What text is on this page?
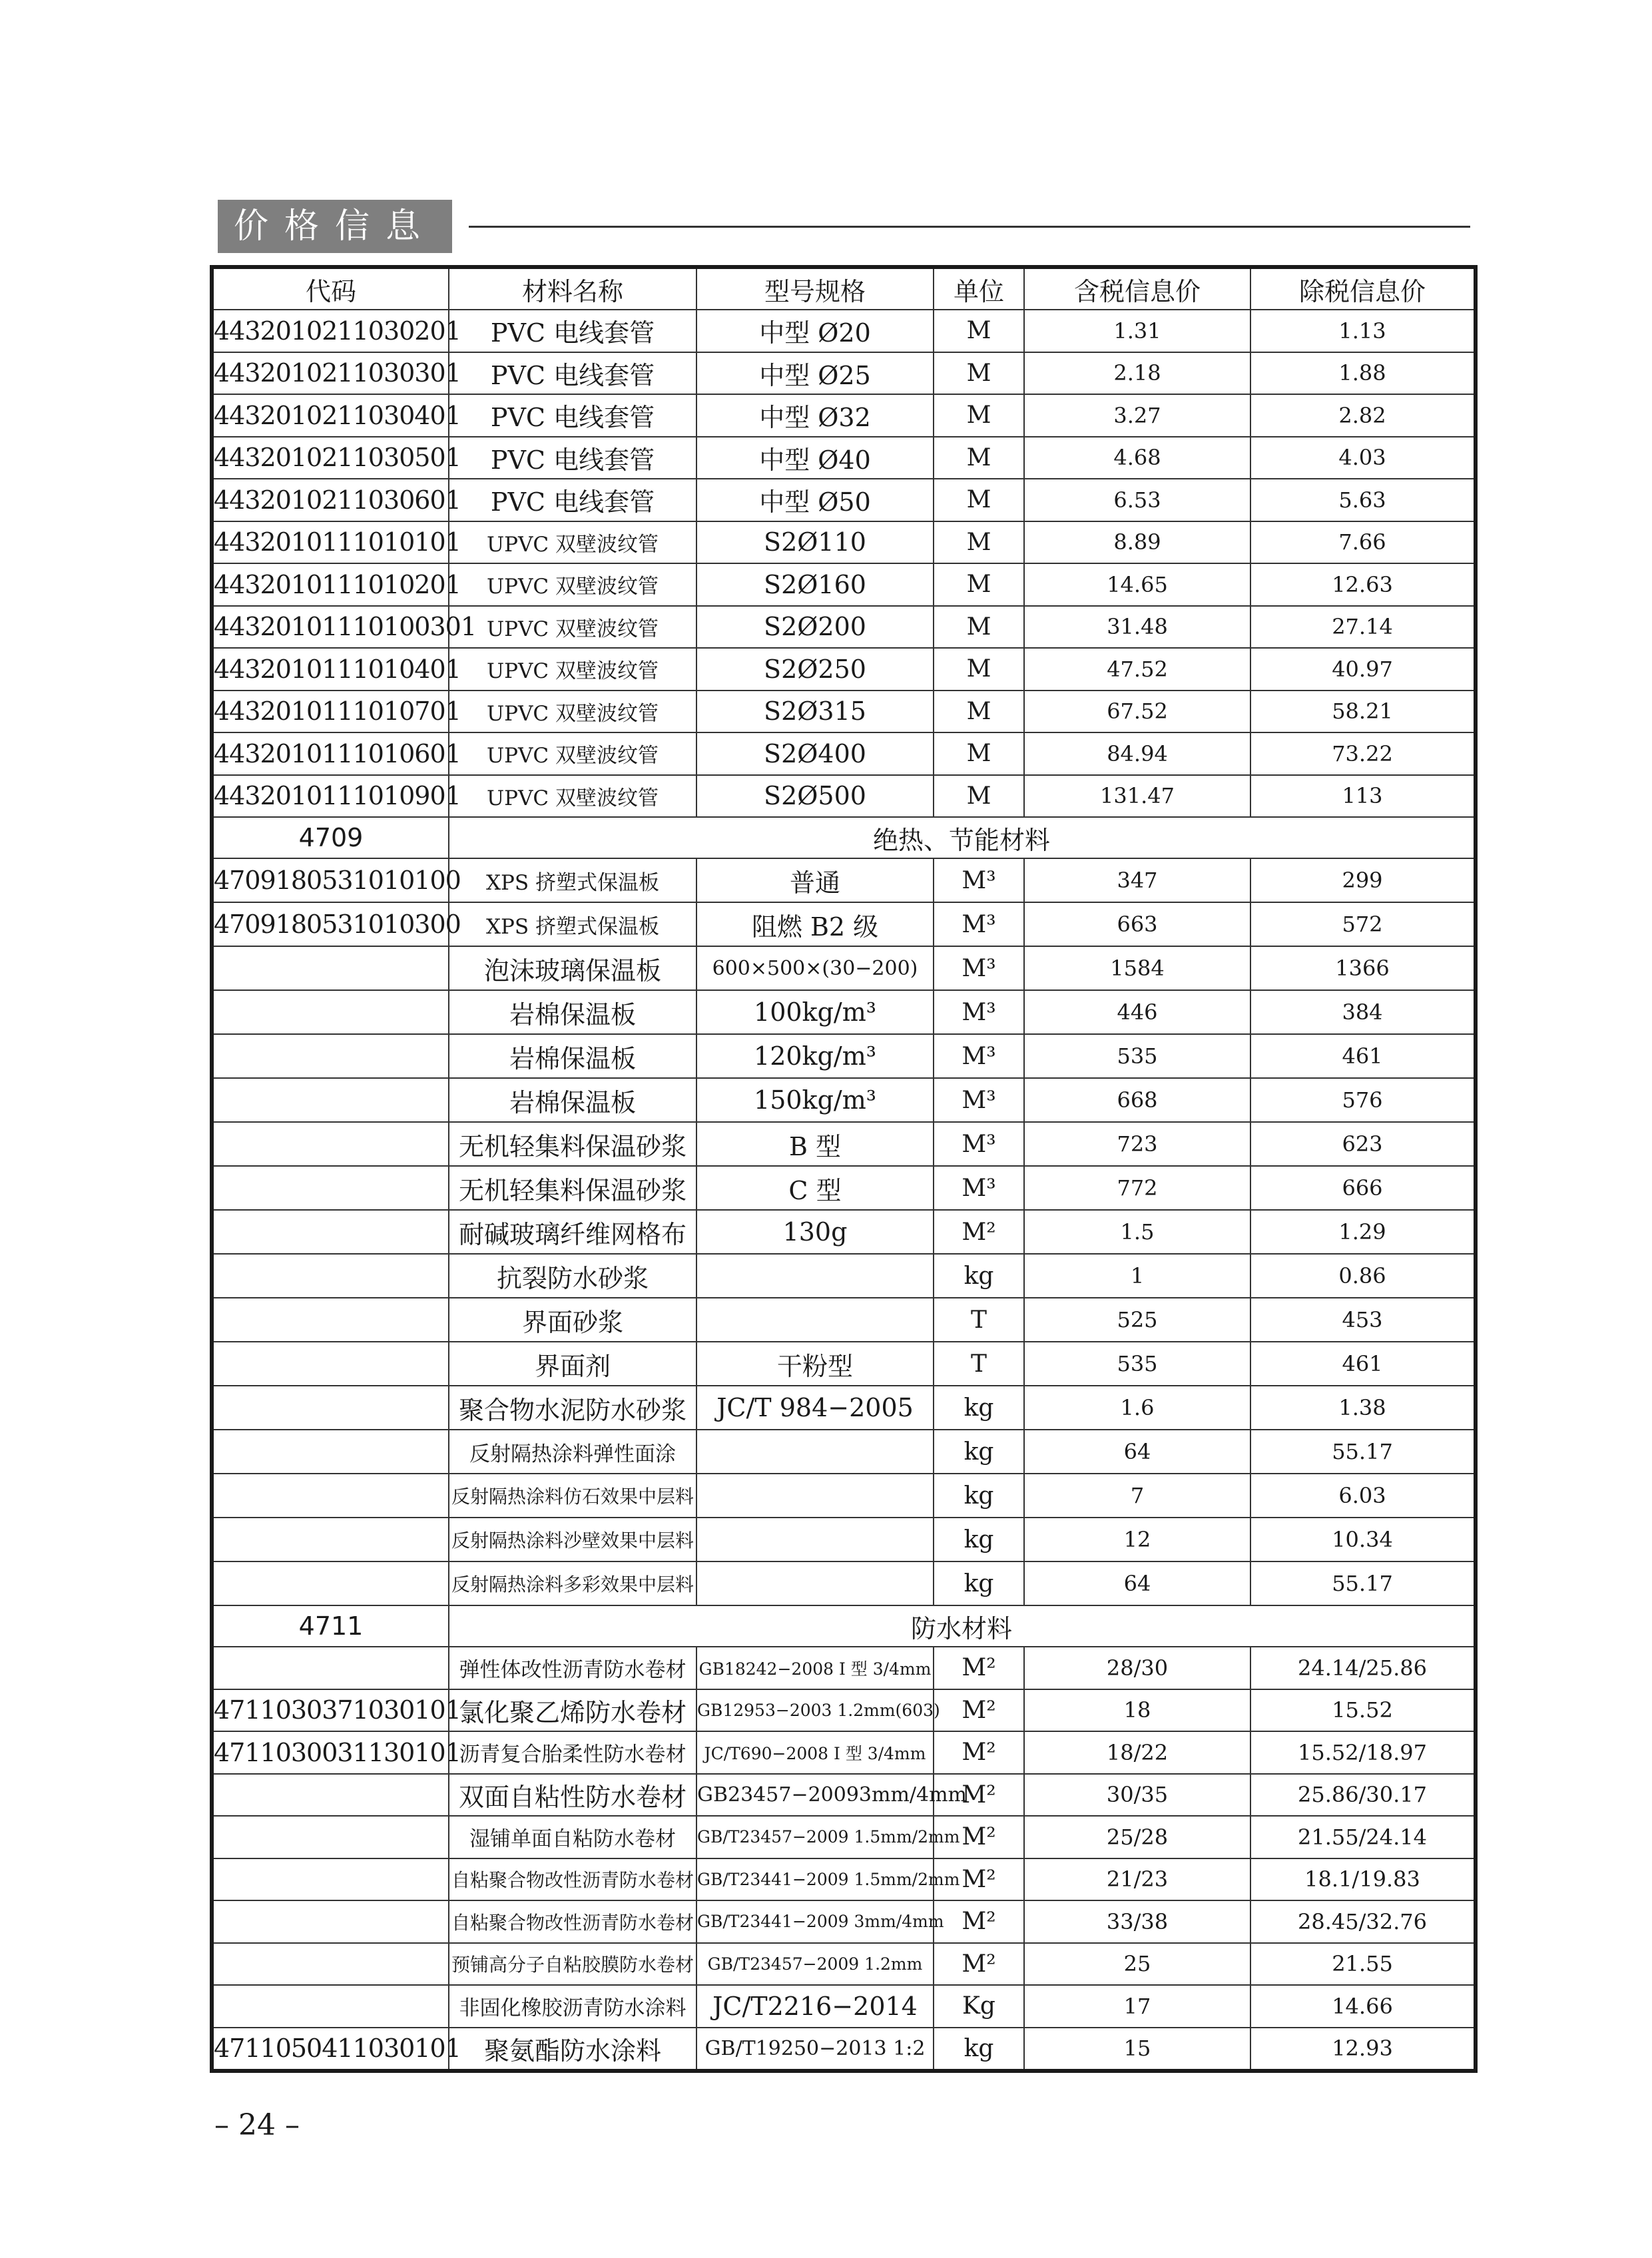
价格信息
代码	材料名称	型号规格	单位	含税信息价	除税信息价
4432010211030201	PVC 电线套管	中型 Ø20	M	1.31	1.13
4432010211030301	PVC 电线套管	中型 Ø25	M	2.18	1.88
4432010211030401	PVC 电线套管	中型 Ø32	M	3.27	2.82
4432010211030501	PVC 电线套管	中型 Ø40	M	4.68	4.03
4432010211030601	PVC 电线套管	中型 Ø50	M	6.53	5.63
4432010111010101	UPVC 双壁波纹管	S2Ø110	M	8.89	7.66
4432010111010201	UPVC 双壁波纹管	S2Ø160	M	14.65	12.63
44320101110100301	UPVC 双壁波纹管	S2Ø200	M	31.48	27.14
4432010111010401	UPVC 双壁波纹管	S2Ø250	M	47.52	40.97
4432010111010701	UPVC 双壁波纹管	S2Ø315	M	67.52	58.21
4432010111010601	UPVC 双壁波纹管	S2Ø400	M	84.94	73.22
4432010111010901	UPVC 双壁波纹管	S2Ø500	M	131.47	113
4709	绝热、节能材料				
4709180531010100	XPS 挤塑式保温板	普通	M³	347	299
4709180531010300	XPS 挤塑式保温板	阻燃 B2 级	M³	663	572
	泡沫玻璃保温板	600×500×(30−200)	M³	1584	1366
	岩棉保温板	100kg/m³	M³	446	384
	岩棉保温板	120kg/m³	M³	535	461
	岩棉保温板	150kg/m³	M³	668	576
	无机轻集料保温砂浆	B 型	M³	723	623
	无机轻集料保温砂浆	C 型	M³	772	666
	耐碱玻璃纤维网格布	130g	M²	1.5	1.29
	抗裂防水砂浆		kg	1	0.86
	界面砂浆		T	525	453
	界面剂	干粉型	T	535	461
	聚合物水泥防水砂浆	JC/T 984−2005	kg	1.6	1.38
	反射隔热涂料弹性面涂		kg	64	55.17
	反射隔热涂料仿石效果中层料		kg	7	6.03
	反射隔热涂料沙壁效果中层料		kg	12	10.34
	反射隔热涂料多彩效果中层料		kg	64	55.17
4711	防水材料				
	弹性体改性沥青防水卷材	GB18242−2008 I 型 3/4mm	M²	28/30	24.14/25.86
4711030371030101	氯化聚乙烯防水卷材	GB12953−2003 1.2mm(603)	M²	18	15.52
4711030031130101	沥青复合胎柔性防水卷材	JC/T690−2008 I 型 3/4mm	M²	18/22	15.52/18.97
	双面自粘性防水卷材	GB23457−20093mm/4mm	M²	30/35	25.86/30.17
	湿铺单面自粘防水卷材	GB/T23457−2009 1.5mm/2mm	M²	25/28	21.55/24.14
	自粘聚合物改性沥青防水卷材	GB/T23441−2009 1.5mm/2mm	M²	21/23	18.1/19.83
	自粘聚合物改性沥青防水卷材	GB/T23441−2009 3mm/4mm	M²	33/38	28.45/32.76
	预铺高分子自粘胶膜防水卷材	GB/T23457−2009 1.2mm	M²	25	21.55
	非固化橡胶沥青防水涂料	JC/T2216−2014	Kg	17	14.66
4711050411030101	聚氨酯防水涂料	GB/T19250−2013 1:2	kg	15	12.93
– 24 –
